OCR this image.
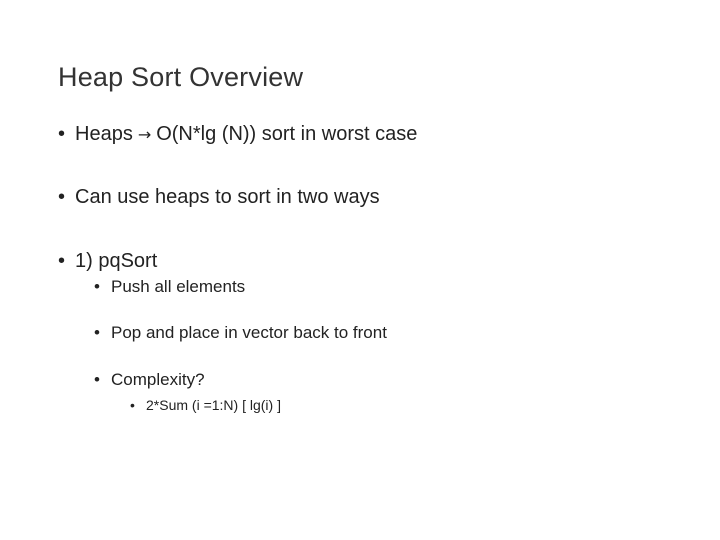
Heap Sort Overview
• Heaps → O(N*lg (N)) sort in worst case
• Can use heaps to sort in two ways
• 1) pqSort
• Push all elements
• Pop and place in vector back to front
• Complexity?
• 2*Sum (i =1:N) [ lg(i) ]
